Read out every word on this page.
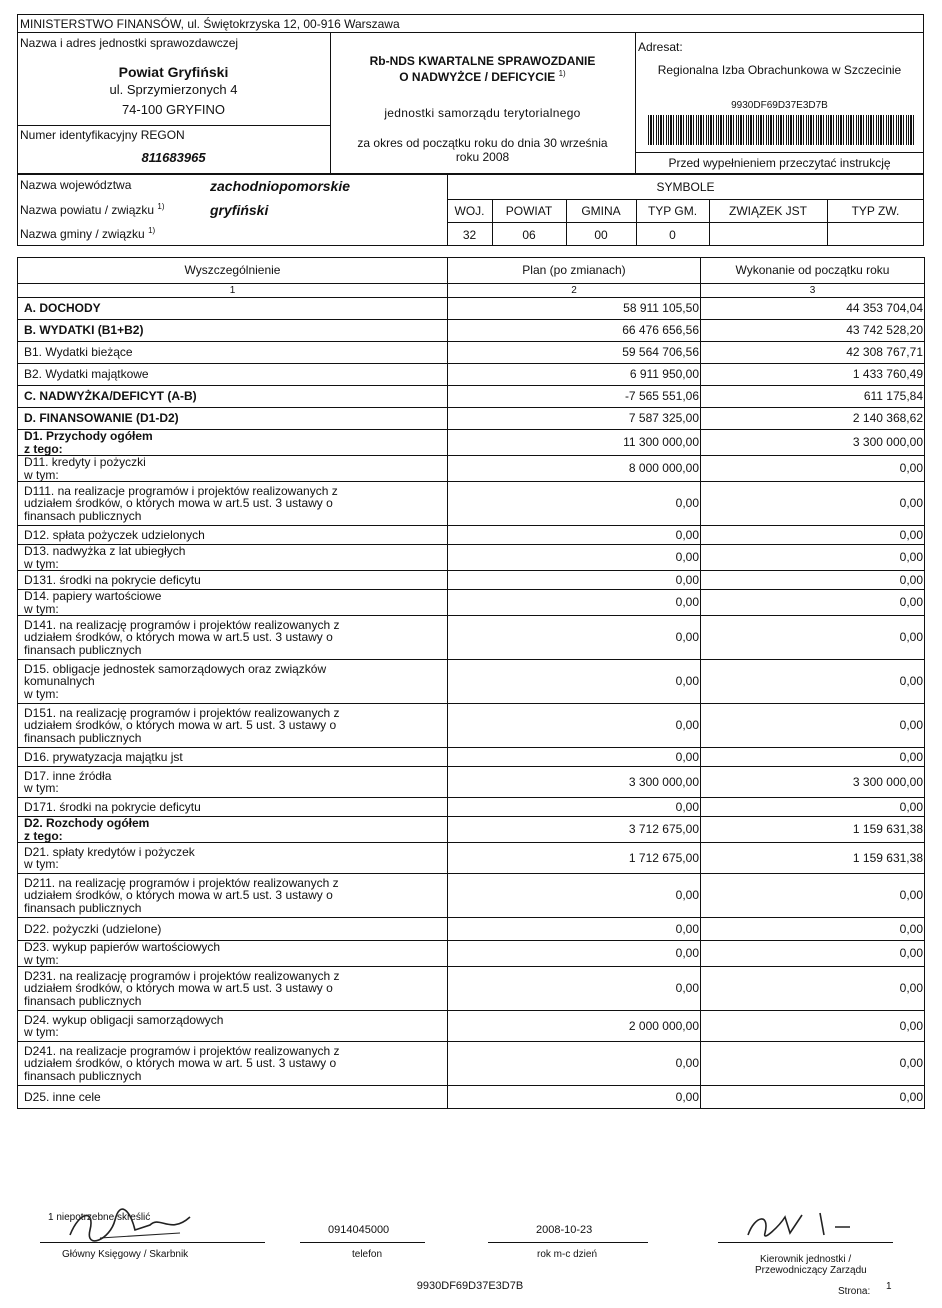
MINISTERSTWO FINANSÓW, ul. Świętokrzyska 12, 00-916 Warszawa
Nazwa i adres jednostki sprawozdawczej
Powiat Gryfiński
ul. Sprzymierzonych 4
74-100 GRYFINO
Numer identyfikacyjny REGON
811683965
Rb-NDS KWARTALNE SPRAWOZDANIE
O NADWYŻCE / DEFICYCIE $^{1)}$
jednostki samorządu terytorialnego
za okres od początku roku do dnia 30 września
roku 2008
Adresat:
Regionalna Izba Obrachunkowa w Szczecinie
9930DF69D37E3D7B
Przed wypełnieniem przeczytać instrukcję
Nazwa województwa	zachodniopomorskie
Nazwa powiatu / związku $^{1)}$	gryfiński
Nazwa gminy / związku $^{1)}$
SYMBOLE
WOJ.	POWIAT	GMINA	TYP GM.	ZWIĄZEK JST	TYP ZW.
32	06	00	0
Wyszczególnienie	Plan (po zmianach)	Wykonanie od początku roku
1	2	3
A. DOCHODY	58 911 105,50	44 353 704,04
B. WYDATKI (B1+B2)	66 476 656,56	43 742 528,20
B1. Wydatki bieżące	59 564 706,56	42 308 767,71
B2. Wydatki majątkowe	6 911 950,00	1 433 760,49
C. NADWYŻKA/DEFICYT (A-B)	-7 565 551,06	611 175,84
D. FINANSOWANIE (D1-D2)	7 587 325,00	2 140 368,62
D1. Przychody ogółem
z tego:	11 300 000,00	3 300 000,00
D11. kredyty i pożyczki
w tym:	8 000 000,00	0,00
D111. na realizacje programów i projektów realizowanych z
udziałem środków, o których mowa w art.5 ust. 3 ustawy o
finansach publicznych	0,00	0,00
D12. spłata pożyczek udzielonych	0,00	0,00
D13. nadwyżka z lat ubiegłych
w tym:	0,00	0,00
D131. środki na pokrycie deficytu	0,00	0,00
D14. papiery wartościowe
w tym:	0,00	0,00
D141. na realizację programów i projektów realizowanych z
udziałem środków, o których mowa w art.5 ust. 3 ustawy o
finansach publicznych	0,00	0,00
D15. obligacje jednostek samorządowych oraz związków
komunalnych
w tym:	0,00	0,00
D151. na realizację programów i projektów realizowanych z
udziałem środków, o których mowa w art. 5 ust. 3 ustawy o
finansach publicznych	0,00	0,00
D16. prywatyzacja majątku jst	0,00	0,00
D17. inne źródła
w tym:	3 300 000,00	3 300 000,00
D171. środki na pokrycie deficytu	0,00	0,00
D2. Rozchody ogółem
z tego:	3 712 675,00	1 159 631,38
D21. spłaty kredytów i pożyczek
w tym:	1 712 675,00	1 159 631,38
D211. na realizację programów i projektów realizowanych z
udziałem środków, o których mowa w art.5 ust. 3 ustawy o
finansach publicznych	0,00	0,00
D22. pożyczki (udzielone)	0,00	0,00
D23. wykup papierów wartościowych
w tym:	0,00	0,00
D231. na realizację programów i projektów realizowanych z
udziałem środków, o których mowa w art.5 ust. 3 ustawy o
finansach publicznych	0,00	0,00
D24. wykup obligacji samorządowych
w tym:	2 000 000,00	0,00
D241. na realizacje programów i projektów realizowanych z
udziałem środków, o których mowa w art. 5 ust. 3 ustawy o
finansach publicznych	0,00	0,00
D25. inne cele	0,00	0,00
1 niepotrzebne skreślić
0914045000
telefon
2008-10-23
rok m-c dzień
Główny Księgowy / Skarbnik	Kierownik jednostki /
Przewodniczący Zarządu
9930DF69D37E3D7B	Strona: 1
